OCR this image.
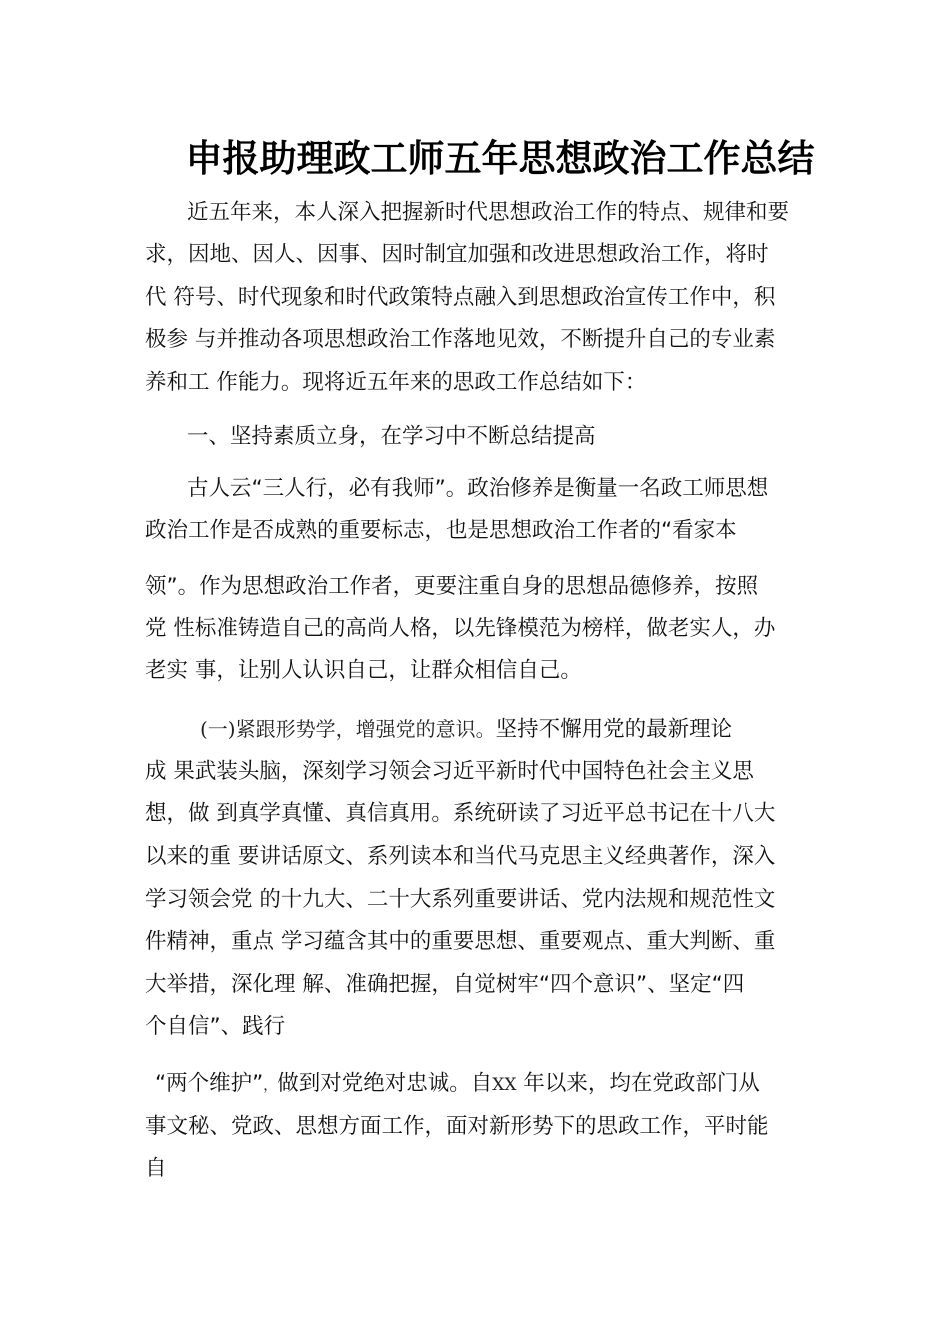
申报助理政工师五年思想政治工作总结
近五年来，本人深入把握新时代思想政治工作的特点、规律和要
求，因地、因人、因事、因时制宜加强和改进思想政治工作，将时
代 符号、时代现象和时代政策特点融入到思想政治宣传工作中，积
极参 与并推动各项思想政治工作落地见效，不断提升自己的专业素
养和工 作能力。现将近五年来的思政工作总结如下：
一、坚持素质立身，在学习中不断总结提高
古人云“三人行，必有我师”。政治修养是衡量一名政工师思想
政治工作是否成熟的重要标志，也是思想政治工作者的“看家本
领”。作为思想政治工作者，更要注重自身的思想品德修养，按照
党 性标准铸造自己的高尚人格，以先锋模范为榜样，做老实人，办
老实 事，让别人认识自己，让群众相信自己。
(一)紧跟形势学，增强党的意识。坚持不懈用党的最新理论
成 果武装头脑，深刻学习领会习近平新时代中国特色社会主义思
想，做 到真学真懂、真信真用。系统研读了习近平总书记在十八大
以来的重 要讲话原文、系列读本和当代马克思主义经典著作，深入
学习领会党 的十九大、二十大系列重要讲话、党内法规和规范性文
件精神，重点 学习蕴含其中的重要思想、重要观点、重大判断、重
大举措，深化理 解、准确把握，自觉树牢“四个意识”、坚定“四
个自信”、践行
“两个维护”，做到对党绝对忠诚。自XX 年以来，均在党政部门从
事文秘、党政、思想方面工作，面对新形势下的思政工作，平时能
自
